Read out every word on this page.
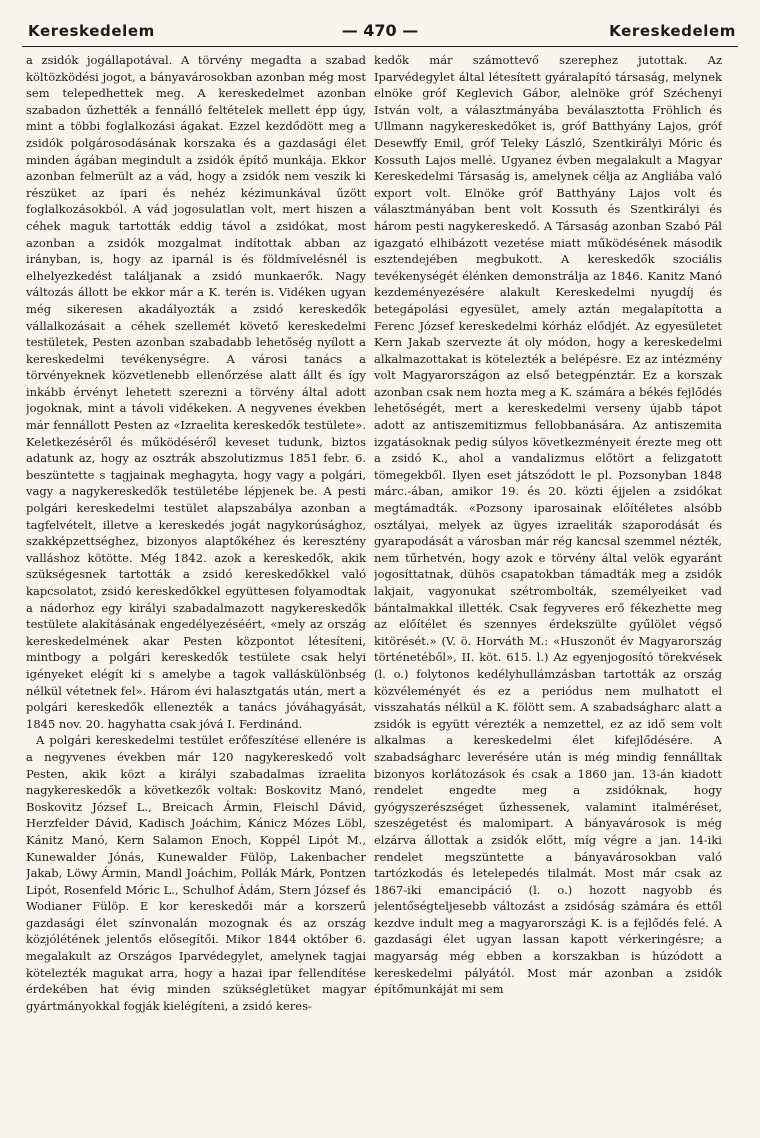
Kereskedelem	— 470 —	Kereskedelem

a zsidók jogállapotával. A törvény megadta a szabad költözködési jogot, a bányavárosokban azonban még most sem telepedhettek meg. A kereskedelmet azonban szabadon űzhették a fennálló feltételek mellett épp úgy, mint a többi foglalkozási ágakat. Ezzel kezdődött meg a zsidók polgárosodásának korszaka és a gazdasági élet minden ágában megindult a zsidók építő munkája. Ekkor azonban felmerült az a vád, hogy a zsidók nem veszik ki részüket az ipari és nehéz kézimunkával űzött foglalkozásokból. A vád jogosulatlan volt, mert hiszen a céhek maguk tartották eddig távol a zsidókat, most azonban a zsidók mozgalmat indítottak abban az irányban, is, hogy az iparnál is és földmívelésnél is elhelyezkedést találjanak a zsidó munkaerők. Nagy változás állott be ekkor már a K. terén is. Vidéken ugyan még sikeresen akadályozták a zsidó kereskedők vállalkozásait a céhek szellemét követő kereskedelmi testületek, Pesten azonban szabadabb lehetőség nyílott a kereskedelmi tevékenységre. A városi tanács a törvényeknek közvetlenebb ellenőrzése alatt állt és így inkább érvényt lehetett szerezni a törvény által adott jogoknak, mint a távoli vidékeken. A negyvenes években már fennállott Pesten az «Izraelita kereskedők testülete». Keletkezéséről és működéséről keveset tudunk, biztos adatunk az, hogy az osztrák abszolutizmus 1851 febr. 6. beszüntette s tagjainak meghagyta, hogy vagy a polgári, vagy a nagykereskedők testületébe lépjenek be. A pesti polgári kereskedelmi testület alapszabálya azonban a tagfelvételt, illetve a kereskedés jogát nagykorúsághoz, szakképzettséghez, bizonyos alaptőkéhez és keresztény valláshoz kötötte. Még 1842. azok a kereskedők, akik szükségesnek tartották a zsidó kereskedőkkel való kapcsolatot, zsidó kereskedőkkel együttesen folyamodtak a nádorhoz egy királyi szabadalmazott nagykereskedők testülete alakításának engedélyezéséért, «mely az ország kereskedelmének akar Pesten központot létesíteni, mintbogy a polgári kereskedők testülete csak helyi igényeket elégít ki s amelybe a tagok valláskülönbség nélkül vétetnek fel». Három évi halasztgatás után, mert a polgári kereskedők ellenezték a tanács jóváhagyását, 1845 nov. 20. hagyhatta csak jóvá I. Ferdinánd.

A polgári kereskedelmi testület erőfeszítése ellenére is a negyvenes években már 120 nagykereskedő volt Pesten, akik közt a királyi szabadalmas izraelita nagykereskedők a következők voltak: Boskovitz Manó, Boskovitz József L., Breicach Ármin, Fleischl Dávid, Herzfelder Dávid, Kadisch Joáchim, Kánicz Mózes Löbl, Kánitz Manó, Kern Salamon Enoch, Koppél Lipót M., Kunewalder Jónás, Kunewalder Fülöp, Lakenbacher Jakab, Löwy Ármin, Mandl Joáchim, Pollák Márk, Pontzen Lipót, Rosenfeld Móric L., Schulhof Ádám, Stern József és Wodianer Fülöp. E kor kereskedői már a korszerű gazdasági élet színvonalán mozognak és az ország közjólétének jelentős elősegítői. Mikor 1844 október 6. megalakult az Országos Iparvédegylet, amelynek tagjai kötelezték magukat arra, hogy a hazai ipar fellendítése érdekében hat évig minden szükségletüket magyar gyártmányokkal fogják kielégíteni, a zsidó keres-

kedők már számottevő szerephez jutottak. Az Iparvédegylet által létesített gyáralapító társaság, melynek elnöke gróf Keglevich Gábor, alelnöke gróf Széchenyi István volt, a választmányába beválasztotta Fröhlich és Ullmann nagykereskedőket is, gróf Batthyány Lajos, gróf Desewffy Emil, gróf Teleky László, Szentkirályi Móric és Kossuth Lajos mellé. Ugyanez évben megalakult a Magyar Kereskedelmi Társaság is, amelynek célja az Angliába való export volt. Elnöke gróf Batthyány Lajos volt és választmányában bent volt Kossuth és Szentkirályi és három pesti nagykereskedő. A Társaság azonban Szabó Pál igazgató elhibázott vezetése miatt működésének második esztendejében megbukott. A kereskedők szociális tevékenységét élénken demonstrálja az 1846. Kanitz Manó kezdeményezésére alakult Kereskedelmi nyugdíj és betegápolási egyesület, amely aztán megalapította a Ferenc József kereskedelmi kórház elődjét. Az egyesületet Kern Jakab szervezte át oly módon, hogy a kereskedelmi alkalmazottakat is kötelezték a belépésre. Ez az intézmény volt Magyarországon az első betegpénztár. Ez a korszak azonban csak nem hozta meg a K. számára a békés fejlődés lehetőségét, mert a kereskedelmi verseny újabb tápot adott az antiszemitizmus fellobbanására. Az antiszemita izgatásoknak pedig súlyos következményeit érezte meg ott a zsidó K., ahol a vandalizmus előtört a felizgatott tömegekből. Ilyen eset játszódott le pl. Pozsonyban 1848 márc.-ában, amikor 19. és 20. közti éjjelen a zsidókat megtámadták. «Pozsony iparosainak előítéletes alsóbb osztályai, melyek az ügyes izraeliták szaporodását és gyarapodását a városban már rég kancsal szemmel nézték, nem tűrhetvén, hogy azok e törvény által velök egyaránt jogosíttatnak, dühös csapatokban támadták meg a zsidók lakjait, vagyonukat szétrombolták, személyeiket vad bántalmakkal illették. Csak fegyveres erő fékezhette meg az előítélet és szennyes érdekszülte gyűlölet végső kitörését.» (V. ö. Horváth M.: «Huszonöt év Magyarország történetéből», II. köt. 615. l.) Az egyenjogosító törekvések (l. o.) folytonos kedélyhullámzásban tartották az ország közvéleményét és ez a periódus nem mulhatott el visszahatás nélkül a K. fölött sem. A szabadságharc alatt a zsidók is együtt vérezték a nemzettel, ez az idő sem volt alkalmas a kereskedelmi élet kifejlődésére. A szabadságharc leverésére után is még mindig fennálltak bizonyos korlátozások és csak a 1860 jan. 13-án kiadott rendelet engedte meg a zsidóknak, hogy gyógyszerészséget űzhessenek, valamint italméréset, szeszégetést és malomipart. A bányavárosok is még elzárva állottak a zsidók előtt, míg végre a jan. 14-iki rendelet megszüntette a bányavárosokban való tartózkodás és letelepedés tilalmát. Most már csak az 1867-iki emancipáció (l. o.) hozott nagyobb és jelentőségteljesebb változást a zsidóság számára és ettől kezdve indult meg a magyarországi K. is a fejlődés felé. A gazdasági élet ugyan lassan kapott vérkeringésre; a magyarság még ebben a korszakban is húzódott a kereskedelmi pályától. Most már azonban a zsidók építőmunkáját mi sem
